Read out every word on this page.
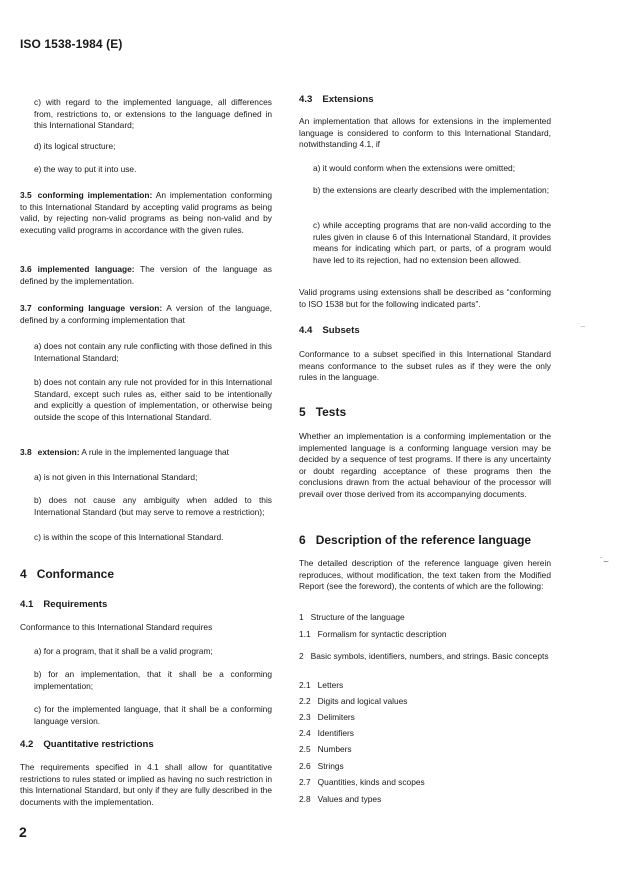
ISO 1538-1984 (E)

c) with regard to the implemented language, all differences from, restrictions to, or extensions to the language defined in this International Standard;

d) its logical structure;

e) the way to put it into use.

3.5 conforming implementation: An implementation conforming to this International Standard by accepting valid programs as being valid, by rejecting non-valid programs as being non-valid and by executing valid programs in accordance with the given rules.

3.6 implemented language: The version of the language as defined by the implementation.

3.7 conforming language version: A version of the language, defined by a conforming implementation that

a) does not contain any rule conflicting with those defined in this International Standard;

b) does not contain any rule not provided for in this International Standard, except such rules as, either said to be intentionally and explicitly a question of implementation, or otherwise being outside the scope of this International Standard.

3.8 extension: A rule in the implemented language that

a) is not given in this International Standard;

b) does not cause any ambiguity when added to this International Standard (but may serve to remove a restriction);

c) is within the scope of this International Standard.

4 Conformance
4.1 Requirements

Conformance to this International Standard requires

a) for a program, that it shall be a valid program;

b) for an implementation, that it shall be a conforming implementation;

c) for the implemented language, that it shall be a conforming language version.

4.2 Quantitative restrictions

The requirements specified in 4.1 shall allow for quantitative restrictions to rules stated or implied as having no such restriction in this International Standard, but only if they are fully described in the documents with the implementation.

4.3 Extensions

An implementation that allows for extensions in the implemented language is considered to conform to this International Standard, notwithstanding 4.1, if

a) it would conform when the extensions were omitted;

b) the extensions are clearly described with the implementation;

c) while accepting programs that are non-valid according to the rules given in clause 6 of this International Standard, it provides means for indicating which part, or parts, of a program would have led to its rejection, had no extension been allowed.

Valid programs using extensions shall be described as “conforming to ISO 1538 but for the following indicated parts”.

4.4 Subsets

Conformance to a subset specified in this International Standard means conformance to the subset rules as if they were the only rules in the language.

5 Tests

Whether an implementation is a conforming implementation or the implemented language is a conforming language version may be decided by a sequence of test programs. If there is any uncertainty or doubt regarding acceptance of these programs then the conclusions drawn from the actual behaviour of the processor will prevail over those derived from its accompanying documents.

6 Description of the reference language

The detailed description of the reference language given herein reproduces, without modification, the text taken from the Modified Report (see the foreword), the contents of which are the following:

1 Structure of the language

1.1 Formalism for syntactic description

2 Basic symbols, identifiers, numbers, and strings. Basic concepts

2.1 Letters

2.2 Digits and logical values

2.3 Delimiters

2.4 Identifiers

2.5 Numbers

2.6 Strings

2.7 Quantities, kinds and scopes

2.8 Values and types

˙–
˙⌣
2
